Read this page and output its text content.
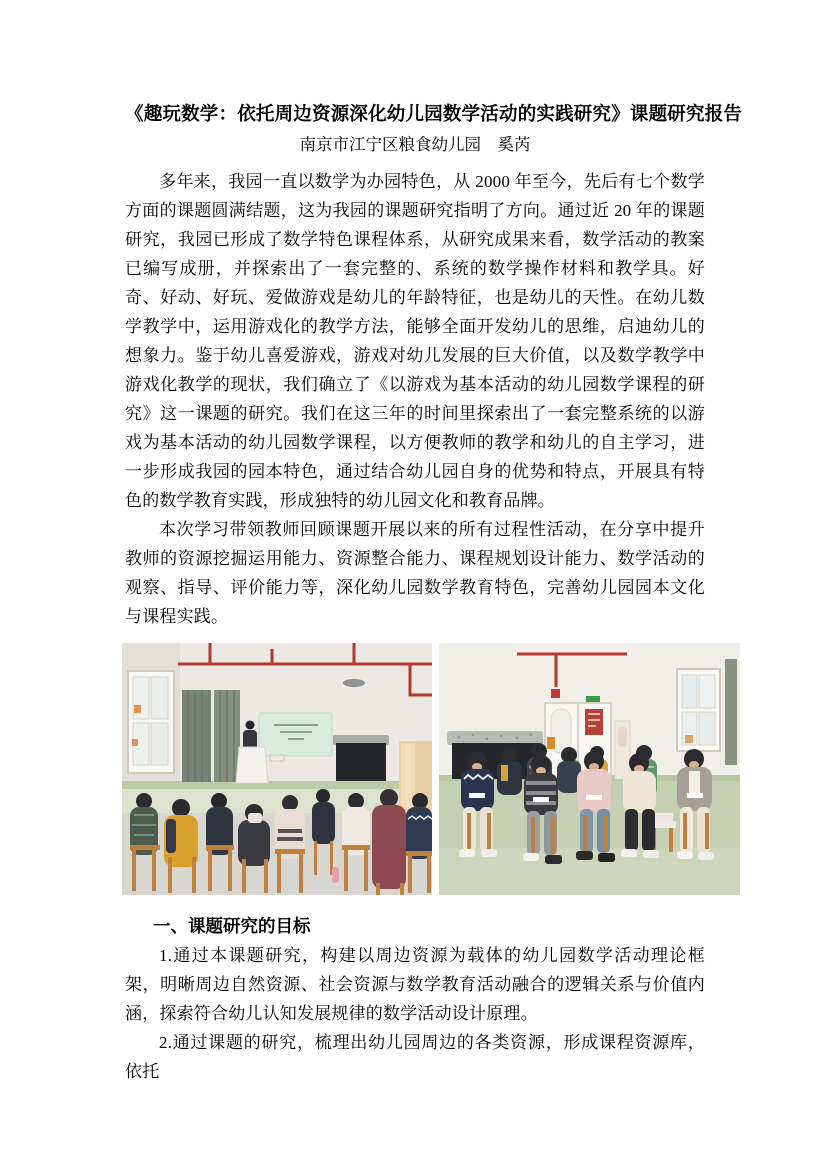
《趣玩数学：依托周边资源深化幼儿园数学活动的实践研究》课题研究报告
南京市江宁区粮食幼儿园　奚芮

多年来，我园一直以数学为办园特色，从 2000 年至今，先后有七个数学方面的课题圆满结题，这为我园的课题研究指明了方向。通过近 20 年的课题研究，我园已形成了数学特色课程体系，从研究成果来看，数学活动的教案已编写成册，并探索出了一套完整的、系统的数学操作材料和教学具。好奇、好动、好玩、爱做游戏是幼儿的年龄特征，也是幼儿的天性。在幼儿数学教学中，运用游戏化的教学方法，能够全面开发幼儿的思维，启迪幼儿的想象力。鉴于幼儿喜爱游戏，游戏对幼儿发展的巨大价值，以及数学教学中游戏化教学的现状，我们确立了《以游戏为基本活动的幼儿园数学课程的研究》这一课题的研究。我们在这三年的时间里探索出了一套完整系统的以游戏为基本活动的幼儿园数学课程，以方便教师的教学和幼儿的自主学习，进一步形成我园的园本特色，通过结合幼儿园自身的优势和特点，开展具有特色的数学教育实践，形成独特的幼儿园文化和教育品牌。

本次学习带领教师回顾课题开展以来的所有过程性活动，在分享中提升教师的资源挖掘运用能力、资源整合能力、课程规划设计能力、数学活动的观察、指导、评价能力等，深化幼儿园数学教育特色，完善幼儿园园本文化与课程实践。

一、课题研究的目标

1.通过本课题研究，构建以周边资源为载体的幼儿园数学活动理论框架，明晰周边自然资源、社会资源与数学教育活动融合的逻辑关系与价值内涵，探索符合幼儿认知发展规律的数学活动设计原理。

2.通过课题的研究，梳理出幼儿园周边的各类资源，形成课程资源库，依托
